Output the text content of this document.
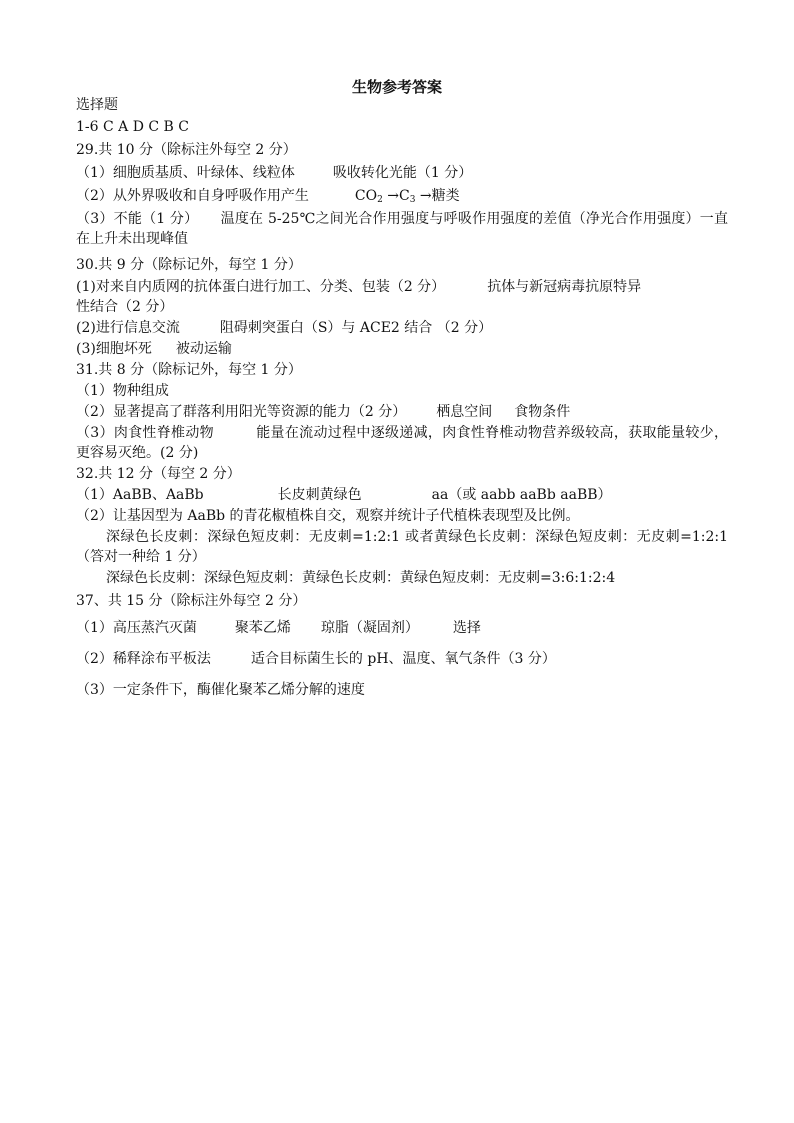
生物参考答案
选择题
1-6 C A D C B C
29.共 10 分（除标注外每空 2 分）
（1）细胞质基质、叶绿体、线粒体	吸收转化光能（1 分）
（2）从外界吸收和自身呼吸作用产生	$CO_2 \to C_3$ →糖类
（3）不能（1 分） 温度在 5-25℃之间光合作用强度与呼吸作用强度的差值（净光合作用强度）一直在上升未出现峰值
30.共 9 分（除标记外，每空 1 分）
(1)对来自内质网的抗体蛋白进行加工、分类、包装（2 分）	抗体与新冠病毒抗原特异
性结合（2 分）
(2)进行信息交流	阻碍刺突蛋白（S）与 ACE2 结合 （2 分）
(3)细胞坏死 被动运输
31.共 8 分（除标记外，每空 1 分）
（1）物种组成
（2）显著提高了群落利用阳光等资源的能力（2 分） 栖息空间 食物条件
（3）肉食性脊椎动物	能量在流动过程中逐级递减，肉食性脊椎动物营养级较高，获取能量较少，更容易灭绝。(2 分)
32.共 12 分（每空 2 分）
（1）AaBB、AaBb	长皮刺黄绿色	aa（或 aabb aaBb aaBB）
（2）让基因型为 AaBb 的青花椒植株自交，观察并统计子代植株表现型及比例。
深绿色长皮刺：深绿色短皮刺：无皮刺=1:2:1 或者黄绿色长皮刺：深绿色短皮刺：无皮刺=1:2:1（答对一种给 1 分）
深绿色长皮刺：深绿色短皮刺：黄绿色长皮刺：黄绿色短皮刺：无皮刺=3:6:1:2:4
37、共 15 分（除标注外每空 2 分）
（1）高压蒸汽灭菌	聚苯乙烯 琼脂（凝固剂） 选择
（2）稀释涂布平板法	适合目标菌生长的 pH、温度、氧气条件（3 分）
（3）一定条件下，酶催化聚苯乙烯分解的速度
